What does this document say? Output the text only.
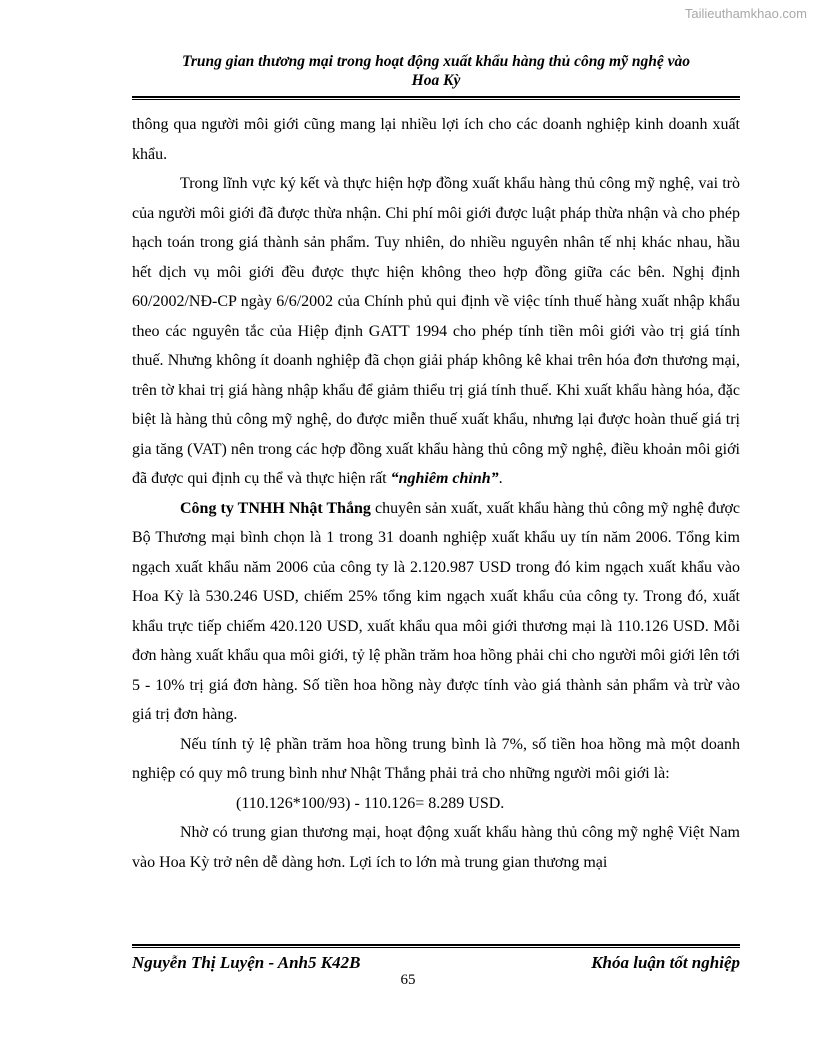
Tailieuthamkhao.com
Trung gian thương mại trong hoạt động xuất khẩu hàng thủ công mỹ nghệ vào
Hoa Kỳ

thông qua người môi giới cũng mang lại nhiều lợi ích cho các doanh nghiệp kinh doanh xuất khẩu.

Trong lĩnh vực ký kết và thực hiện hợp đồng xuất khẩu hàng thủ công mỹ nghệ, vai trò của người môi giới đã được thừa nhận. Chi phí môi giới được luật pháp thừa nhận và cho phép hạch toán trong giá thành sản phẩm. Tuy nhiên, do nhiều nguyên nhân tế nhị khác nhau, hầu hết dịch vụ môi giới đều được thực hiện không theo hợp đồng giữa các bên. Nghị định 60/2002/NĐ-CP ngày 6/6/2002 của Chính phủ qui định về việc tính thuế hàng xuất nhập khẩu theo các nguyên tắc của Hiệp định GATT 1994 cho phép tính tiền môi giới vào trị giá tính thuế. Nhưng không ít doanh nghiệp đã chọn giải pháp không kê khai trên hóa đơn thương mại, trên tờ khai trị giá hàng nhập khẩu để giảm thiểu trị giá tính thuế. Khi xuất khẩu hàng hóa, đặc biệt là hàng thủ công mỹ nghệ, do được miễn thuế xuất khẩu, nhưng lại được hoàn thuế giá trị gia tăng (VAT) nên trong các hợp đồng xuất khẩu hàng thủ công mỹ nghệ, điều khoản môi giới đã được qui định cụ thể và thực hiện rất “nghiêm chỉnh”.

Công ty TNHH Nhật Thắng chuyên sản xuất, xuất khẩu hàng thủ công mỹ nghệ được Bộ Thương mại bình chọn là 1 trong 31 doanh nghiệp xuất khẩu uy tín năm 2006. Tổng kim ngạch xuất khẩu năm 2006 của công ty là 2.120.987 USD trong đó kim ngạch xuất khẩu vào Hoa Kỳ là 530.246 USD, chiếm 25% tổng kim ngạch xuất khẩu của công ty. Trong đó, xuất khẩu trực tiếp chiếm 420.120 USD, xuất khẩu qua môi giới thương mại là 110.126 USD. Mỗi đơn hàng xuất khẩu qua môi giới, tỷ lệ phần trăm hoa hồng phải chi cho người môi giới lên tới 5 - 10% trị giá đơn hàng. Số tiền hoa hồng này được tính vào giá thành sản phẩm và trừ vào giá trị đơn hàng.

Nếu tính tỷ lệ phần trăm hoa hồng trung bình là 7%, số tiền hoa hồng mà một doanh nghiệp có quy mô trung bình như Nhật Thắng phải trả cho những người môi giới là:

(110.126*100/93) - 110.126= 8.289 USD.

Nhờ có trung gian thương mại, hoạt động xuất khẩu hàng thủ công mỹ nghệ Việt Nam vào Hoa Kỳ trở nên dễ dàng hơn. Lợi ích to lớn mà trung gian thương mại

Nguyễn Thị Luyện - Anh5 K42B	Khóa luận tốt nghiệp
65
